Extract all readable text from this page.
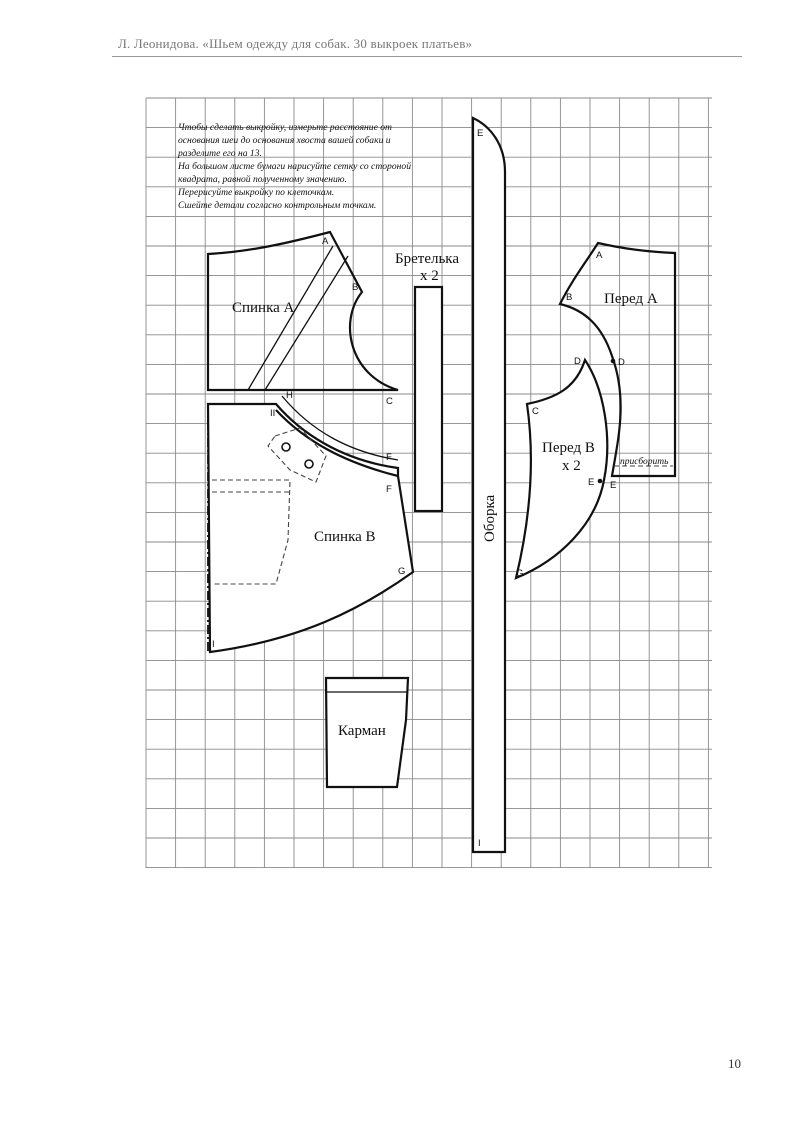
Л. Леонидова. «Шьем одежду для собак. 30 выкроек платьев»
Чтобы сделать выкройку, измерьте расстояние от
основания шеи до основания хвоста вашей собаки и
разделите его на 13.
На большом листе бумаги нарисуйте сетку со стороной
квадрата, равной полученному значению.
Перерисуйте выкройку по клеточкам.
Сшейте детали согласно контрольным точкам.
Спинка А
A
B
C
Спинка В
II
H
F
F
G
I
Бретелька
x 2
Оборка
E
I
Перед А
присборить
A
B
D
E
Перед В
x 2
D
C
E
G
Карман
10
